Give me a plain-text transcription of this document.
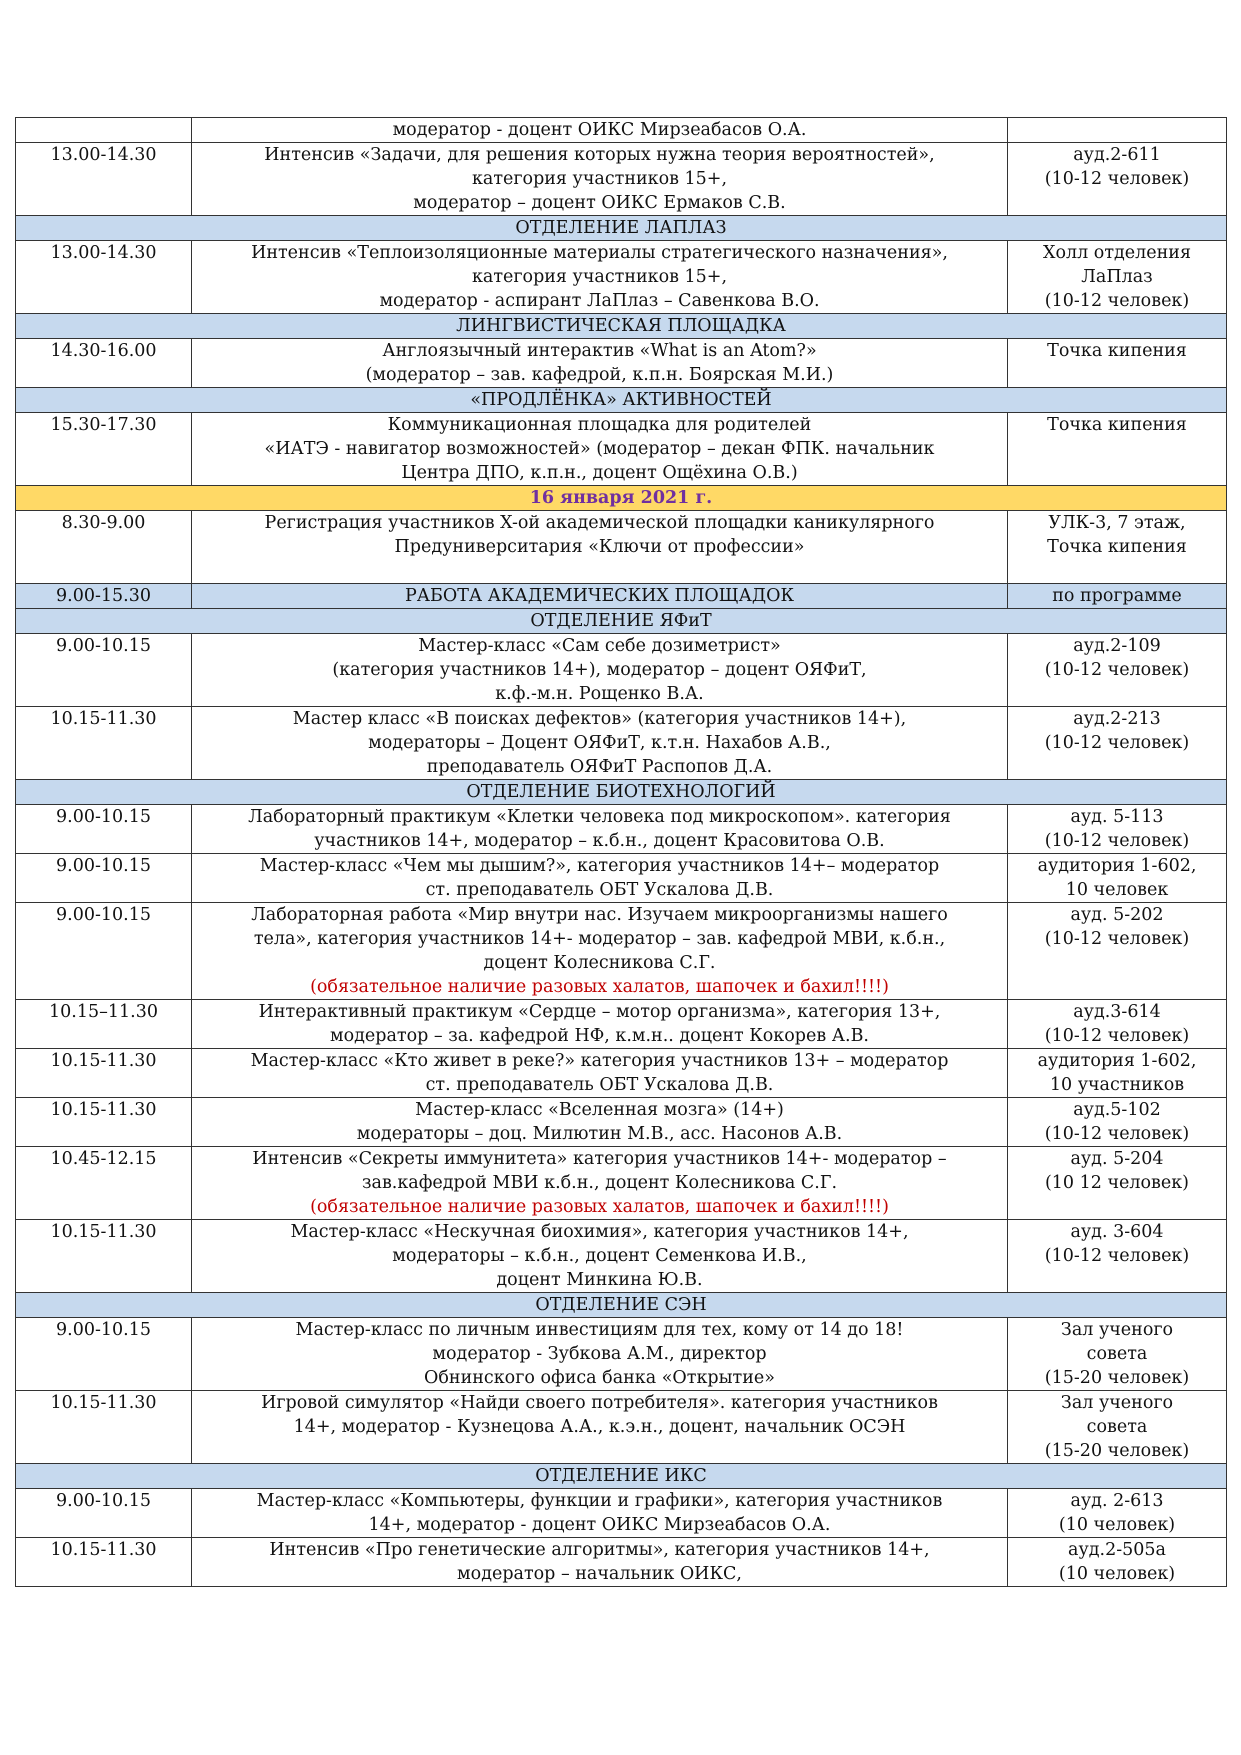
	модератор - доцент ОИКС Мирзеабасов О.А.	

13.00-14.30	Интенсив «Задачи, для решения которых нужна теория вероятностей»,
категория участников 15+,
модератор – доцент ОИКС Ермаков С.В.	ауд.2-611
(10-12 человек)

ОТДЕЛЕНИЕ ЛАПЛАЗ		
13.00-14.30	Интенсив «Теплоизоляционные материалы стратегического назначения»,
категория участников 15+,
модератор - аспирант ЛаПлаз – Савенкова В.О.	Холл отделения
ЛаПлаз
(10-12 человек)

ЛИНГВИСТИЧЕСКАЯ ПЛОЩАДКА		
14.30-16.00	Англоязычный интерактив «What is an Atom?»
(модератор – зав. кафедрой, к.п.н. Боярская М.И.)	Точка кипения

«ПРОДЛЁНКА» АКТИВНОСТЕЙ		
15.30-17.30	Коммуникационная площадка для родителей
«ИАТЭ - навигатор возможностей» (модератор – декан ФПК. начальник
Центра ДПО, к.п.н., доцент Ощёхина О.В.)	Точка кипения

16 января 2021 г.		
8.30-9.00	Регистрация участников X-ой академической площадки каникулярного
Предуниверситария «Ключи от профессии»	УЛК-3, 7 этаж,
Точка кипения

9.00-15.30	РАБОТА АКАДЕМИЧЕСКИХ ПЛОЩАДОК	по программе

ОТДЕЛЕНИЕ ЯФиТ		
9.00-10.15	Мастер-класс «Сам себе дозиметрист»
(категория участников 14+), модератор – доцент ОЯФиТ,
к.ф.-м.н. Рощенко В.А.	ауд.2-109
(10-12 человек)

10.15-11.30	Мастер класс «В поисках дефектов» (категория участников 14+),
модераторы – Доцент ОЯФиТ, к.т.н. Нахабов А.В.,
преподаватель ОЯФиТ Распопов Д.А.	ауд.2-213
(10-12 человек)

ОТДЕЛЕНИЕ БИОТЕХНОЛОГИЙ		
9.00-10.15	Лабораторный практикум «Клетки человека под микроскопом». категория
участников 14+, модератор – к.б.н., доцент Красовитова О.В.	ауд. 5-113
(10-12 человек)

9.00-10.15	Мастер-класс «Чем мы дышим?», категория участников 14+– модератор
ст. преподаватель ОБТ Ускалова Д.В.	аудитория 1-602,
10 человек

9.00-10.15	Лабораторная работа «Мир внутри нас. Изучаем микроорганизмы нашего
тела», категория участников 14+- модератор – зав. кафедрой МВИ, к.б.н.,
доцент Колесникова С.Г.
(обязательное наличие разовых халатов, шапочек и бахил!!!!)	ауд. 5-202
(10-12 человек)

10.15–11.30	Интерактивный практикум «Сердце – мотор организма», категория 13+,
модератор – за. кафедрой НФ, к.м.н.. доцент Кокорев А.В.	ауд.3-614
(10-12 человек)

10.15-11.30	Мастер-класс «Кто живет в реке?» категория участников 13+ – модератор
ст. преподаватель ОБТ Ускалова Д.В.	аудитория 1-602,
10 участников

10.15-11.30	Мастер-класс «Вселенная мозга» (14+)
модераторы – доц. Милютин М.В., асс. Насонов А.В.	ауд.5-102
(10-12 человек)

10.45-12.15	Интенсив «Секреты иммунитета» категория участников 14+- модератор –
зав.кафедрой МВИ к.б.н., доцент Колесникова С.Г.
(обязательное наличие разовых халатов, шапочек и бахил!!!!)	ауд. 5-204
(10 12 человек)

10.15-11.30	Мастер-класс «Нескучная биохимия», категория участников 14+,
модераторы – к.б.н., доцент Семенкова И.В.,
доцент Минкина Ю.В.	ауд. 3-604
(10-12 человек)

ОТДЕЛЕНИЕ СЭН		
9.00-10.15	Мастер-класс по личным инвестициям для тех, кому от 14 до 18!
модератор - Зубкова А.М., директор
Обнинского офиса банка «Открытие»	Зал ученого
совета
(15-20 человек)

10.15-11.30	Игровой симулятор «Найди своего потребителя». категория участников
14+, модератор - Кузнецова А.А., к.э.н., доцент, начальник ОСЭН	Зал ученого
совета
(15-20 человек)

ОТДЕЛЕНИЕ ИКС		
9.00-10.15	Мастер-класс «Компьютеры, функции и графики», категория участников
14+, модератор - доцент ОИКС Мирзеабасов О.А.	ауд. 2-613
(10 человек)

10.15-11.30	Интенсив «Про генетические алгоритмы», категория участников 14+,
модератор – начальник ОИКС,	ауд.2-505а
(10 человек)
